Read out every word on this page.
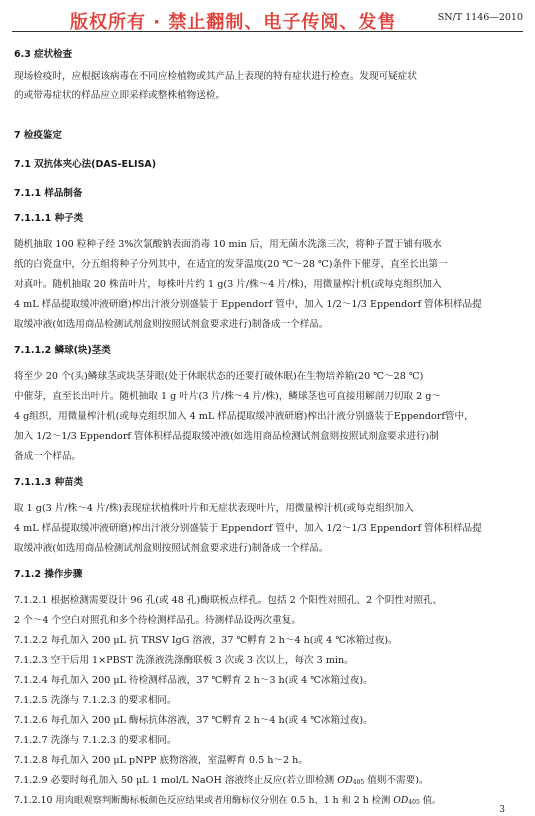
版权所有 · 禁止翻制、电子传阅、发售	SN/T 1146—2010
6.3 症状检查
现场检疫时，应根据该病毒在不同应检植物或其产品上表现的特有症状进行检查。发现可疑症状
的或带毒症状的样品应立即采样或整株植物送检。
7 检疫鉴定
7.1 双抗体夹心法(DAS-ELISA)
7.1.1 样品制备
7.1.1.1 种子类
随机抽取 100 粒种子经 3%次氯酸钠表面消毒 10 min 后，用无菌水洗涤三次，将种子置于铺有吸水
纸的白瓷盘中，分五组将种子分列其中，在适宜的发芽温度(20 ℃～28 ℃)条件下催芽，直至长出第一
对真叶。随机抽取 20 株苗叶片，每株叶片约 1 g(3 片/株～4 片/株)，用微量榨汁机(或每克组织加入
4 mL 样品提取缓冲液研磨)榨出汁液分别盛装于 Eppendorf 管中，加入 1/2～1/3 Eppendorf 管体积样品提
取缓冲液(如选用商品检测试剂盒则按照试剂盒要求进行)制备成一个样品。
7.1.1.2 鳞球(块)茎类
将至少 20 个(头)鳞球茎或块茎芽眼(处于休眠状态的还要打破休眠)在生物培养箱(20 ℃～28 ℃)
中催芽，直至长出叶片。随机抽取 1 g 叶片(3 片/株～4 片/株)，鳞球茎也可直接用解剖刀切取 2 g～
4 g组织，用微量榨汁机(或每克组织加入 4 mL 样品提取缓冲液研磨)榨出汁液分别盛装于Eppendorf管中，
加入 1/2～1/3 Eppendorf 管体积样品提取缓冲液(如选用商品检测试剂盒则按照试剂盒要求进行)制
备成一个样品。
7.1.1.3 种苗类
取 1 g(3 片/株～4 片/株)表现症状植株叶片和无症状表现叶片，用微量榨汁机(或每克组织加入
4 mL 样品提取缓冲液研磨)榨出汁液分别盛装于 Eppendorf 管中，加入 1/2～1/3 Eppendorf 管体积样品提
取缓冲液(如选用商品检测试剂盒则按照试剂盒要求进行)制备成一个样品。
7.1.2 操作步骤
7.1.2.1 根据检测需要设计 96 孔(或 48 孔)酶联板点样孔。包括 2 个阳性对照孔、2 个阴性对照孔、
2 个～4 个空白对照孔和多个待检测样品孔。待测样品设两次重复。
7.1.2.2 每孔加入 200 μL 抗 TRSV IgG 溶液，37 ℃孵育 2 h～4 h(或 4 ℃冰箱过夜)。
7.1.2.3 空干后用 1×PBST 洗涤液洗涤酶联板 3 次或 3 次以上，每次 3 min。
7.1.2.4 每孔加入 200 μL 待检测样品液，37 ℃孵育 2 h～3 h(或 4 ℃冰箱过夜)。
7.1.2.5 洗涤与 7.1.2.3 的要求相同。
7.1.2.6 每孔加入 200 μL 酶标抗体溶液，37 ℃孵育 2 h～4 h(或 4 ℃冰箱过夜)。
7.1.2.7 洗涤与 7.1.2.3 的要求相同。
7.1.2.8 每孔加入 200 μL pNPP 底物溶液，室温孵育 0.5 h～2 h。
7.1.2.9 必要时每孔加入 50 μL 1 mol/L NaOH 溶液终止反应(若立即检测 $OD_{405}$ 值则不需要)。
7.1.2.10 用肉眼观察判断酶标板颜色反应结果或者用酶标仪分别在 0.5 h、1 h 和 2 h 检测 $OD_{405}$ 值。
3
